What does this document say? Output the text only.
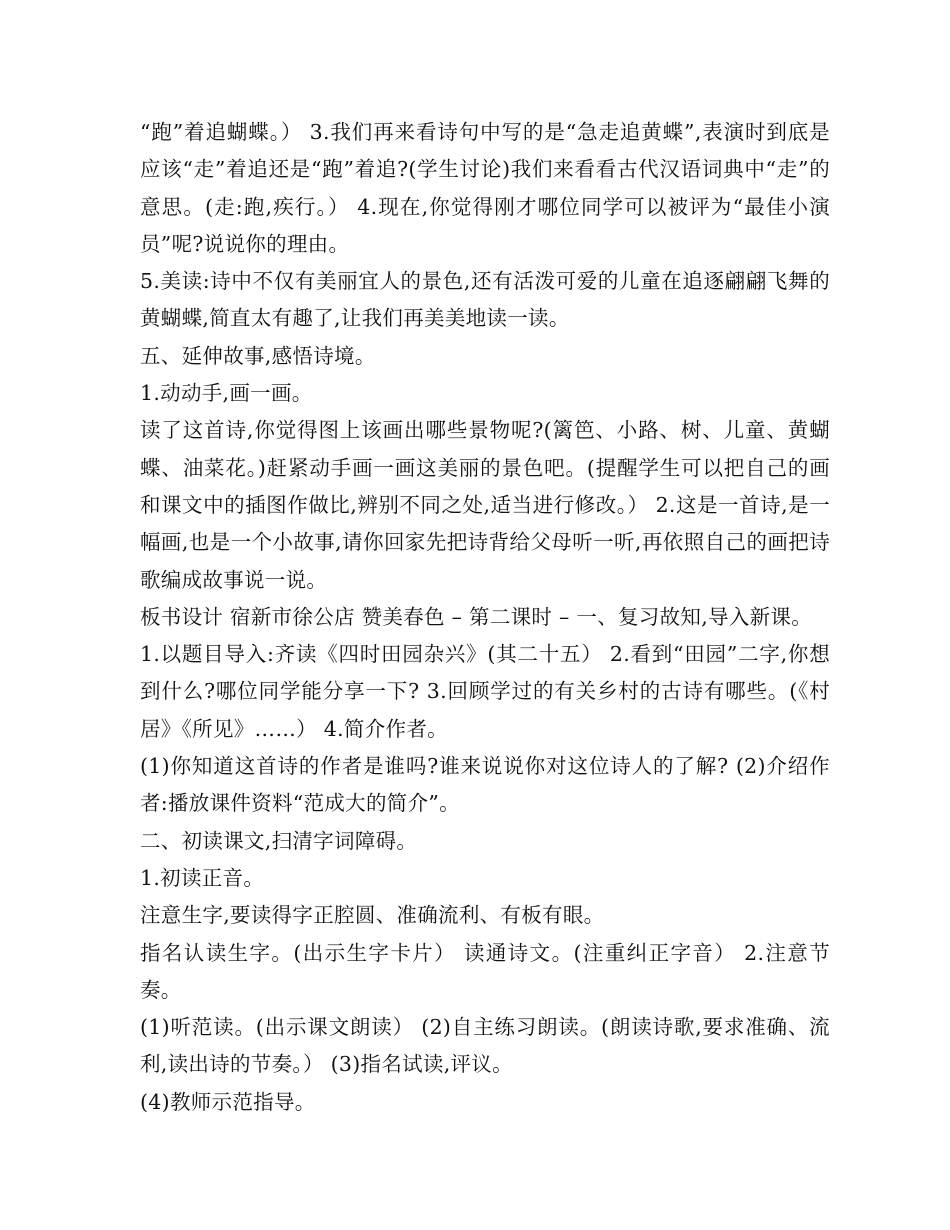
“跑”着追蝴蝶。） 3.我们再来看诗句中写的是“急走追黄蝶”,表演时到底是应该“走”着追还是“跑”着追?(学生讨论)我们来看看古代汉语词典中“走”的意思。(走:跑,疾行。） 4.现在,你觉得刚才哪位同学可以被评为“最佳小演员”呢?说说你的理由。

5.美读:诗中不仅有美丽宜人的景色,还有活泼可爱的儿童在追逐翩翩飞舞的黄蝴蝶,简直太有趣了,让我们再美美地读一读。

五、延伸故事,感悟诗境。

1.动动手,画一画。

读了这首诗,你觉得图上该画出哪些景物呢?(篱笆、小路、树、儿童、黄蝴蝶、油菜花。)赶紧动手画一画这美丽的景色吧。(提醒学生可以把自己的画和课文中的插图作做比,辨别不同之处,适当进行修改。） 2.这是一首诗,是一幅画,也是一个小故事,请你回家先把诗背给父母听一听,再依照自己的画把诗歌编成故事说一说。

板书设计 宿新市徐公店 赞美春色 – 第二课时 – 一、复习故知,导入新课。

1.以题目导入:齐读《四时田园杂兴》(其二十五） 2.看到“田园”二字,你想到什么?哪位同学能分享一下? 3.回顾学过的有关乡村的古诗有哪些。(《村居》《所见》……） 4.简介作者。

(1)你知道这首诗的作者是谁吗?谁来说说你对这位诗人的了解? (2)介绍作者:播放课件资料“范成大的简介”。

二、初读课文,扫清字词障碍。

1.初读正音。

注意生字,要读得字正腔圆、准确流利、有板有眼。

指名认读生字。(出示生字卡片） 读通诗文。(注重纠正字音） 2.注意节奏。

(1)听范读。(出示课文朗读） (2)自主练习朗读。(朗读诗歌,要求准确、流利,读出诗的节奏。） (3)指名试读,评议。

(4)教师示范指导。
